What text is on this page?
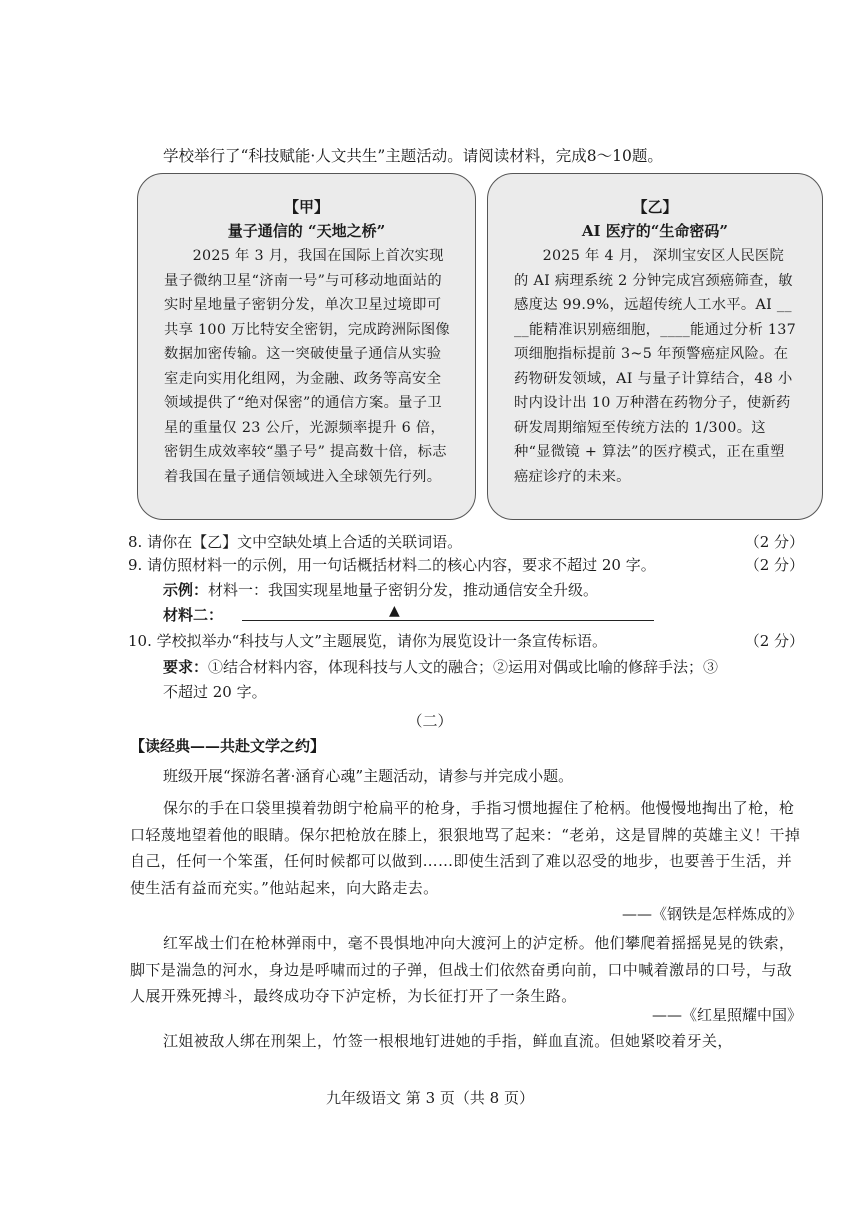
学校举行了“科技赋能·人文共生”主题活动。请阅读材料，完成8～10题。
【甲】
量子通信的 “天地之桥”
2025 年 3 月，我国在国际上首次实现量子微纳卫星“济南一号”与可移动地面站的实时星地量子密钥分发，单次卫星过境即可共享 100 万比特安全密钥，完成跨洲际图像数据加密传输。这一突破使量子通信从实验室走向实用化组网，为金融、政务等高安全领域提供了“绝对保密”的通信方案。量子卫星的重量仅 23 公斤，光源频率提升 6 倍，密钥生成效率较“墨子号” 提高数十倍，标志着我国在量子通信领域进入全球领先行列。
【乙】
AI 医疗的“生命密码”
2025 年 4 月， 深圳宝安区人民医院的 AI 病理系统 2 分钟完成宫颈癌筛查，敏感度达 99.9%，远超传统人工水平。AI ____能精准识别癌细胞，____能通过分析 137 项细胞指标提前 3~5 年预警癌症风险。在药物研发领域，AI 与量子计算结合，48 小时内设计出 10 万种潜在药物分子，使新药研发周期缩短至传统方法的 1/300。这种“显微镜 + 算法”的医疗模式，正在重塑癌症诊疗的未来。
8. 请你在【乙】文中空缺处填上合适的关联词语。	（2 分）
9. 请仿照材料一的示例，用一句话概括材料二的核心内容，要求不超过 20 字。	（2 分）
示例：材料一：我国实现星地量子密钥分发，推动通信安全升级。
材料二：	▲
10. 学校拟举办“科技与人文”主题展览，请你为展览设计一条宣传标语。	（2 分）
要求：①结合材料内容，体现科技与人文的融合；②运用对偶或比喻的修辞手法；③
不超过 20 字。
（二）
【读经典——共赴文学之约】
班级开展“探游名著·涵育心魂”主题活动，请参与并完成小题。
保尔的手在口袋里摸着勃朗宁枪扁平的枪身，手指习惯地握住了枪柄。他慢慢地掏出了枪，枪口轻蔑地望着他的眼睛。保尔把枪放在膝上，狠狠地骂了起来：“老弟，这是冒牌的英雄主义！干掉自己，任何一个笨蛋，任何时候都可以做到……即使生活到了难以忍受的地步，也要善于生活，并使生活有益而充实。”他站起来，向大路走去。
——《钢铁是怎样炼成的》
红军战士们在枪林弹雨中，毫不畏惧地冲向大渡河上的泸定桥。他们攀爬着摇摇晃晃的铁索，脚下是湍急的河水，身边是呼啸而过的子弹，但战士们依然奋勇向前，口中喊着激昂的口号，与敌人展开殊死搏斗，最终成功夺下泸定桥，为长征打开了一条生路。
——《红星照耀中国》
江姐被敌人绑在刑架上，竹签一根根地钉进她的手指，鲜血直流。但她紧咬着牙关，
九年级语文 第 3 页（共 8 页）
